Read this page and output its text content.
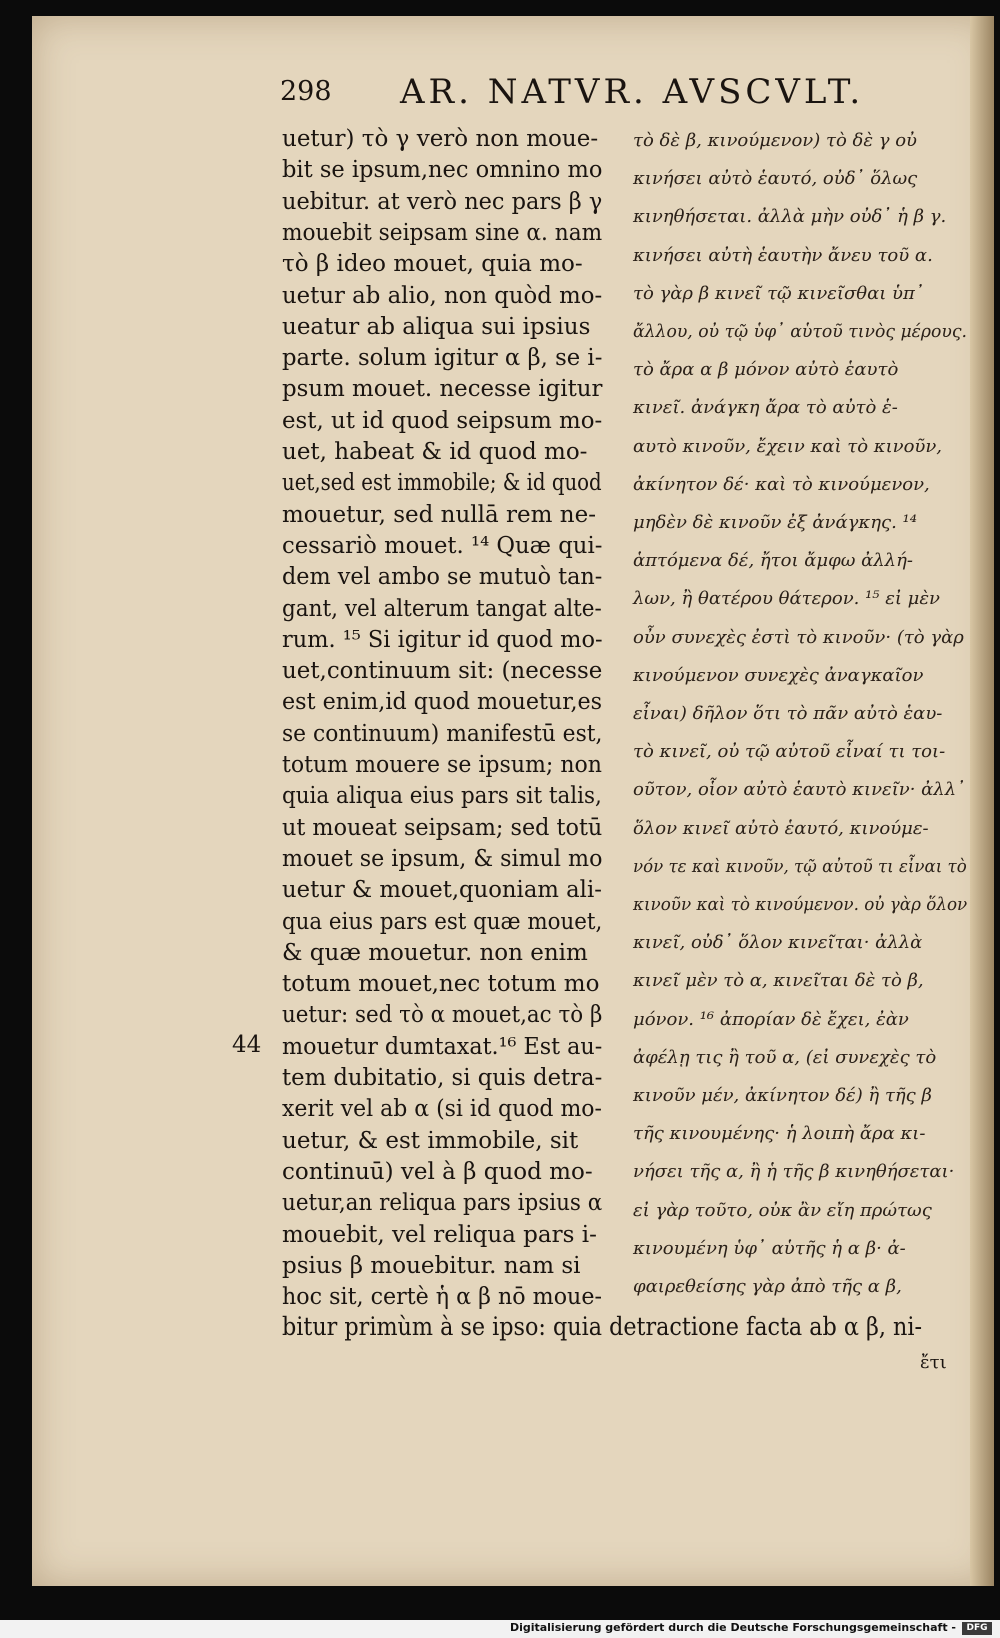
298 AR. NATVR. AVSCVLT.
uetur) τὸ γ verò non moue-
bit se ipsum,nec omnino mo
uebitur. at verò nec pars β γ
mouebit seipsam sine α. nam
τὸ β ideo mouet, quia mo-
uetur ab alio, non quòd mo-
ueatur ab aliqua sui ipsius
parte. solum igitur α β, se i-
psum mouet. necesse igitur
est, ut id quod seipsum mo-
uet, habeat & id quod mo-
uet,sed est immobile; & id quod
mouetur, sed nullā rem ne-
cessariò mouet. ¹⁴ Quæ qui-
dem vel ambo se mutuò tan-
gant, vel alterum tangat alte-
rum. ¹⁵ Si igitur id quod mo-
uet,continuum sit: (necesse
est enim,id quod mouetur,es
se continuum) manifestū est,
totum mouere se ipsum; non
quia aliqua eius pars sit talis,
ut moueat seipsam; sed totū
mouet se ipsum, & simul mo
uetur & mouet,quoniam ali-
qua eius pars est quæ mouet,
& quæ mouetur. non enim
totum mouet,nec totum mo
uetur: sed τὸ α mouet,ac τὸ β
mouetur dumtaxat.¹⁶ Est au-
tem dubitatio, si quis detra-
xerit vel ab α (si id quod mo-
uetur, & est immobile, sit
continuū) vel à β quod mo-
uetur,an reliqua pars ipsius α
mouebit, vel reliqua pars i-
psius β mouebitur. nam si
hoc sit, certè ἡ α β nō moue-
τὸ δὲ β, κινούμενον) τὸ δὲ γ οὐ
κινήσει αὐτὸ ἑαυτό, οὐδ᾽ ὅλως
κινηθήσεται. ἀλλὰ μὴν οὐδ᾽ ἡ β γ.
κινήσει αὐτὴ ἑαυτὴν ἄνευ τοῦ α.
τὸ γὰρ β κινεῖ τῷ κινεῖσθαι ὑπ᾽
ἄλλου, οὐ τῷ ὑφ᾽ αὑτοῦ τινὸς μέρους.
τὸ ἄρα α β μόνον αὐτὸ ἑαυτὸ
κινεῖ. ἀνάγκη ἄρα τὸ αὐτὸ ἑ-
αυτὸ κινοῦν, ἔχειν καὶ τὸ κινοῦν,
ἀκίνητον δέ· καὶ τὸ κινούμενον,
μηδὲν δὲ κινοῦν ἐξ ἀνάγκης. ¹⁴
ἁπτόμενα δέ, ἤτοι ἄμφω ἀλλή-
λων, ἢ θατέρου θάτερον. ¹⁵ εἰ μὲν
οὖν συνεχὲς ἐστὶ τὸ κινοῦν· (τὸ γὰρ
κινούμενον συνεχὲς ἀναγκαῖον
εἶναι) δῆλον ὅτι τὸ πᾶν αὐτὸ ἑαυ-
τὸ κινεῖ, οὐ τῷ αὐτοῦ εἶναί τι τοι-
οῦτον, οἷον αὐτὸ ἑαυτὸ κινεῖν· ἀλλ᾽
ὅλον κινεῖ αὐτὸ ἑαυτό, κινούμε-
νόν τε καὶ κινοῦν, τῷ αὐτοῦ τι εἶναι τὸ
κινοῦν καὶ τὸ κινούμενον. οὐ γὰρ ὅλον
κινεῖ, οὐδ᾽ ὅλον κινεῖται· ἀλλὰ
κινεῖ μὲν τὸ α, κινεῖται δὲ τὸ β,
μόνον. ¹⁶ ἀπορίαν δὲ ἔχει, ἐὰν
ἀφέλῃ τις ἢ τοῦ α, (εἰ συνεχὲς τὸ
κινοῦν μέν, ἀκίνητον δέ) ἢ τῆς β
τῆς κινουμένης· ἡ λοιπὴ ἄρα κι-
νήσει τῆς α, ἢ ἡ τῆς β κινηθήσεται·
εἰ γὰρ τοῦτο, οὐκ ἂν εἴη πρώτως
κινουμένη ὑφ᾽ αὑτῆς ἡ α β· ἀ-
φαιρεθείσης γὰρ ἀπὸ τῆς α β,
44
bitur primùm à se ipso: quia detractione facta ab α β, ni-
ἔτι
Digitalisierung gefördert durch die Deutsche Forschungsgemeinschaft -	DFG
